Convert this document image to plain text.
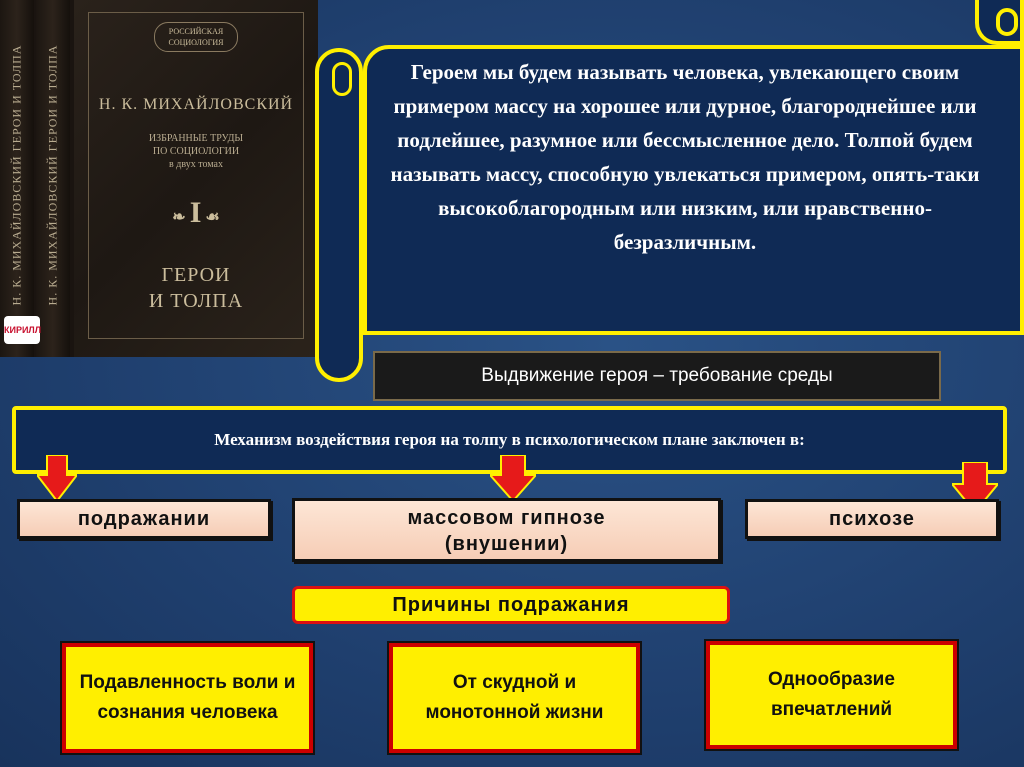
Н. К. МИХАЙЛОВСКИЙ ГЕРОИ И ТОЛПА Н. К. МИХАЙЛОВСКИЙ ГЕРОИ И ТОЛПА
РОССИЙСКАЯ СОЦИОЛОГИЯ
Н. К. МИХАЙЛОВСКИЙ
ИЗБРАННЫЕ ТРУДЫ
ПО СОЦИОЛОГИИ
в двух томах
❧ I ☙
ГЕРОИ
И ТОЛПА
КИРИЛЛ
Героем мы будем называть человека, увлекающего своим примером массу на хорошее или дурное, благороднейшее или подлейшее, разумное или бессмысленное дело. Толпой будем называть массу, способную увлекаться примером, опять-таки высокоблагородным или низким, или нравственно-безразличным.
Выдвижение героя – требование среды
Механизм воздействия героя на толпу в психологическом плане заключен в:
подражании	массовом гипнозе
(внушении)
психозе
Причины подражания
Подавленность воли и сознания человека
От скудной и монотонной жизни
Однообразие впечатлений
